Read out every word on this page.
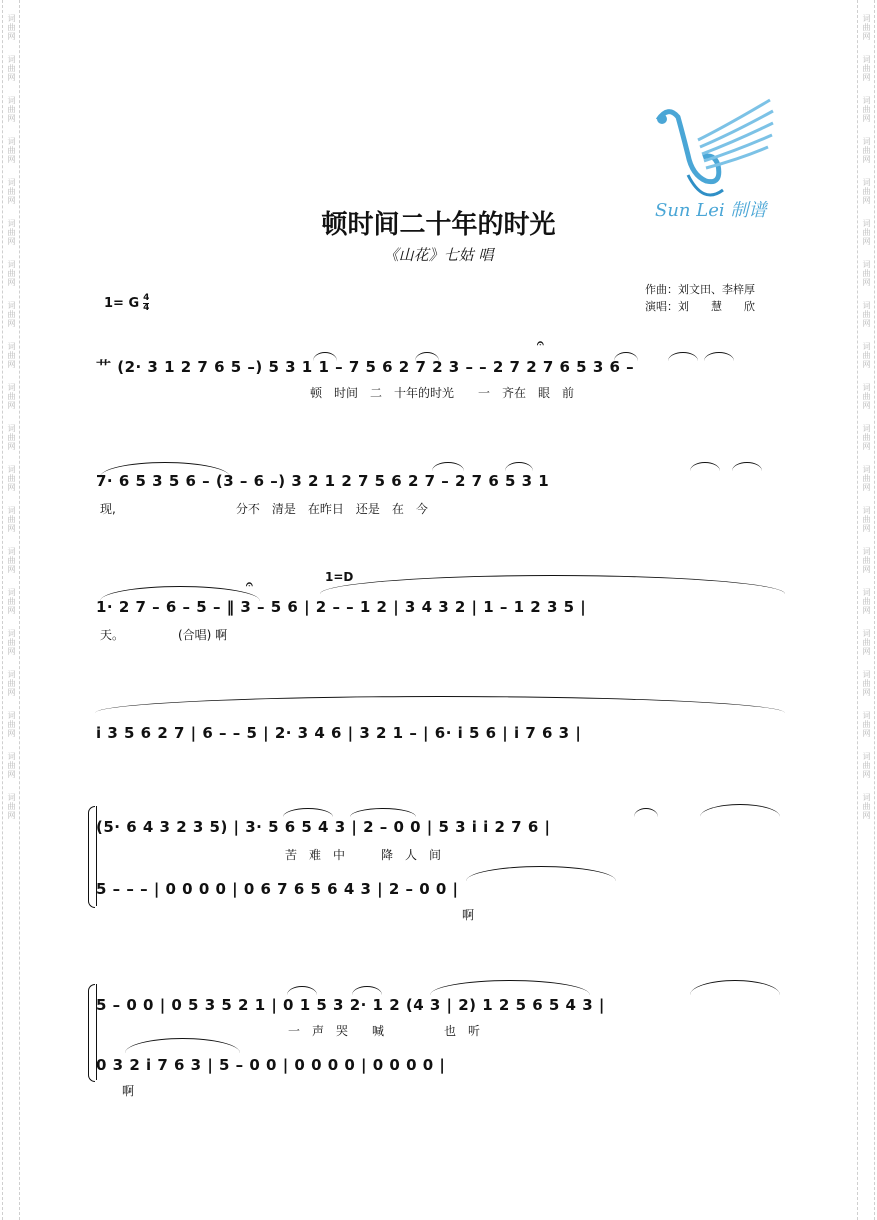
词曲网
词曲网
词曲网
词曲网
词曲网
词曲网
词曲网
词曲网
词曲网
词曲网
词曲网
词曲网
词曲网
词曲网
词曲网
词曲网
词曲网
词曲网
词曲网
词曲网
词曲网
词曲网
词曲网
词曲网
词曲网
词曲网
词曲网
词曲网
词曲网
词曲网
词曲网
词曲网
词曲网
词曲网
词曲网
词曲网
词曲网
词曲网
词曲网
词曲网
Sun Lei 制谱
顿时间二十年的时光
《山花》七姑 唱
1= G $\frac{4}{4}$
作曲：刘文田、李梓厚
演唱：刘　　慧　　欣
𝄐
艹 (2· 3 1 2 7 6 5 –) 5 3 1 1 – 7 5 6 2 7 2 3 – – 2 7 2 7 6 5 3 6 –
顿　时间　二　十年的时光　　一　齐在　眼　前
7· 6 5 3 5 6 – (3 – 6 –) 3 2 1 2 7 5 6 2 7 – 2 7 6 5 3 1
现,　　　　　　　　　　分不　清是　在昨日　还是　在　今
𝄐	1=D
1· 2 7 – 6 – 5 – ‖ 3 – 5 6 | 2 – – 1 2 | 3 4 3 2 | 1 – 1 2 3 5 |
天。　　　　　(合唱) 啊
i 3 5 6 2 7 | 6 – – 5 | 2· 3 4 6 | 3 2 1 – | 6· i 5 6 | i 7 6 3 |
(5· 6 4 3 2 3 5) | 3· 5 6 5 4 3 | 2 – 0 0 | 5 3 i i 2 7 6 |
苦　难　中　　　降　人　间
5 – – – | 0 0 0 0 | 0 6 7 6 5 6 4 3 | 2 – 0 0 |
啊
5 – 0 0 | 0 5 3 5 2 1 | 0 1 5 3 2· 1 2 (4 3 | 2) 1 2 5 6 5 4 3 |
一　声　哭　　喊　　　　　也　听
0 3 2 i 7 6 3 | 5 – 0 0 | 0 0 0 0 | 0 0 0 0 |
啊
